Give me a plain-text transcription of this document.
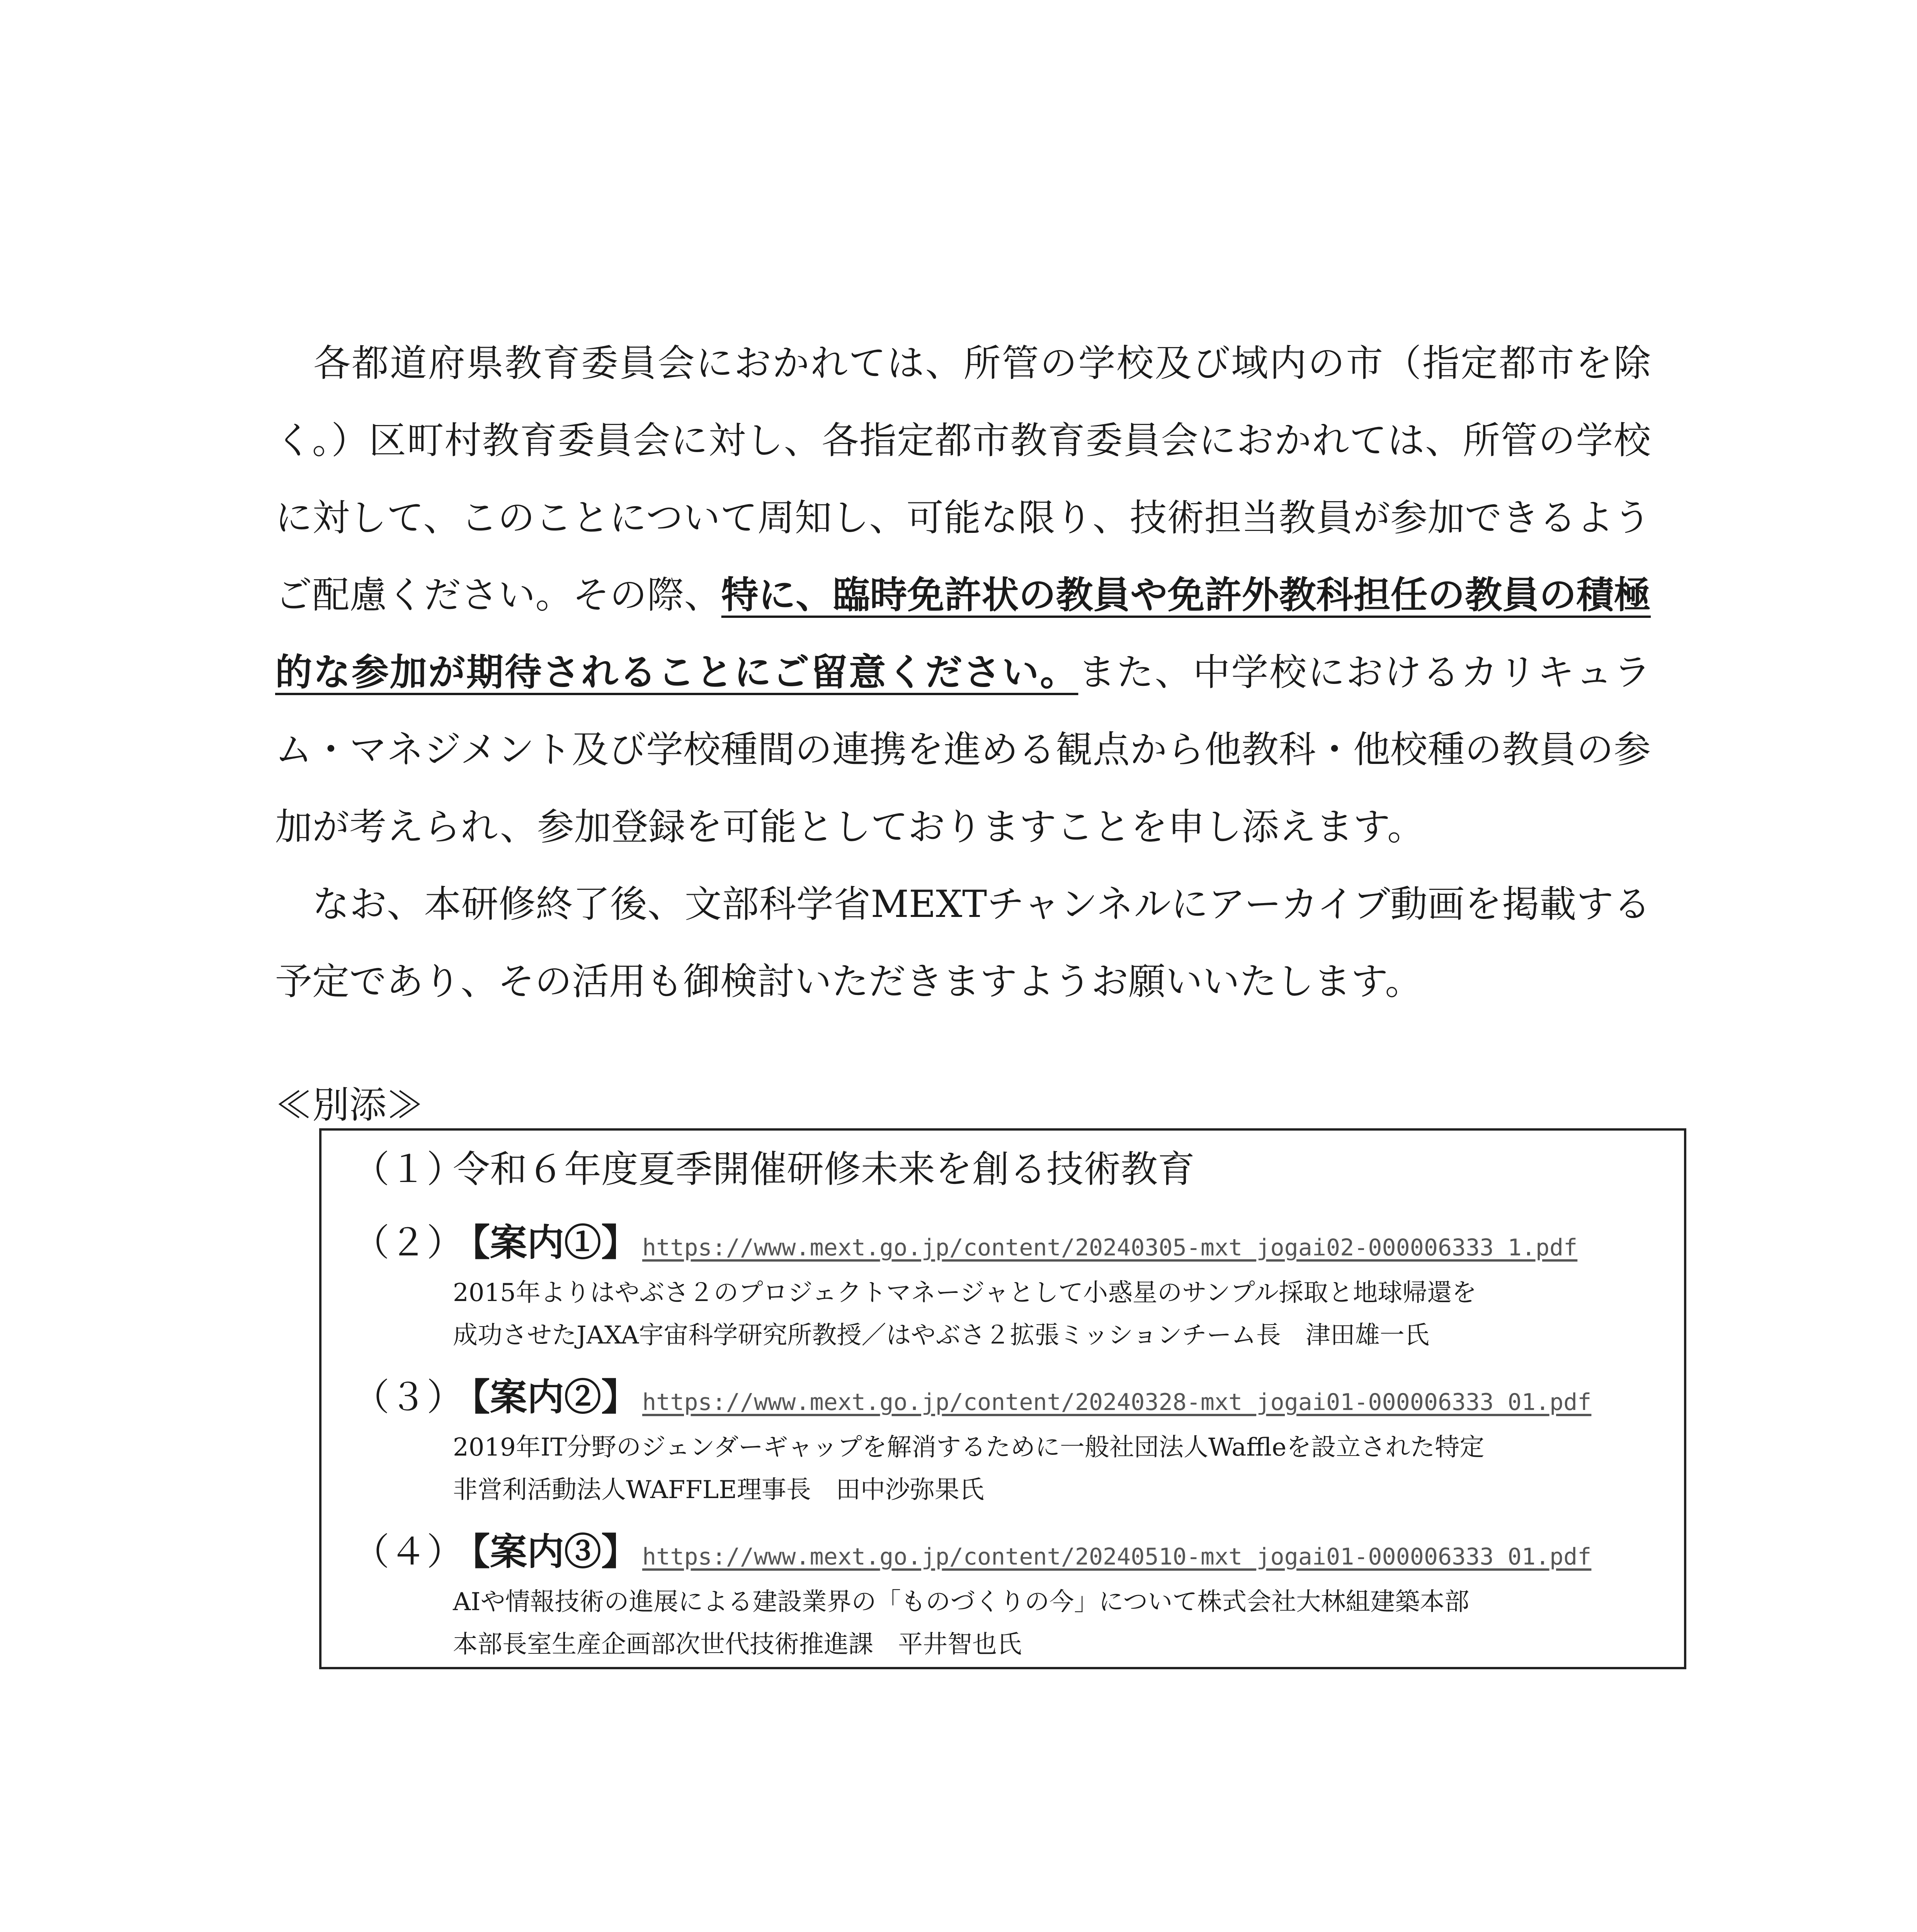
　各都道府県教育委員会におかれては、所管の学校及び域内の市（指定都市を除く。）区町村教育委員会に対し、各指定都市教育委員会におかれては、所管の学校に対して、このことについて周知し、可能な限り、技術担当教員が参加できるようご配慮ください。その際、特に、臨時免許状の教員や免許外教科担任の教員の積極的な参加が期待されることにご留意ください。また、中学校におけるカリキュラム・マネジメント及び学校種間の連携を進める観点から他教科・他校種の教員の参加が考えられ、参加登録を可能としておりますことを申し添えます。

　なお、本研修終了後、文部科学省MEXTチャンネルにアーカイブ動画を掲載する予定であり、その活用も御検討いただきますようお願いいたします。

≪別添≫
（１）令和６年度夏季開催研修未来を創る技術教育
（２）【案内①】 https://www.mext.go.jp/content/20240305-mxt_jogai02-000006333_1.pdf
2015年よりはやぶさ２のプロジェクトマネージャとして小惑星のサンプル採取と地球帰還を
成功させたJAXA宇宙科学研究所教授／はやぶさ２拡張ミッションチーム長　津田雄一氏
（３）【案内②】 https://www.mext.go.jp/content/20240328-mxt_jogai01-000006333_01.pdf
2019年IT分野のジェンダーギャップを解消するために一般社団法人Waffleを設立された特定
非営利活動法人WAFFLE理事長　田中沙弥果氏
（４）【案内③】 https://www.mext.go.jp/content/20240510-mxt_jogai01-000006333_01.pdf
AIや情報技術の進展による建設業界の「ものづくりの今」について株式会社大林組建築本部
本部長室生産企画部次世代技術推進課　平井智也氏
